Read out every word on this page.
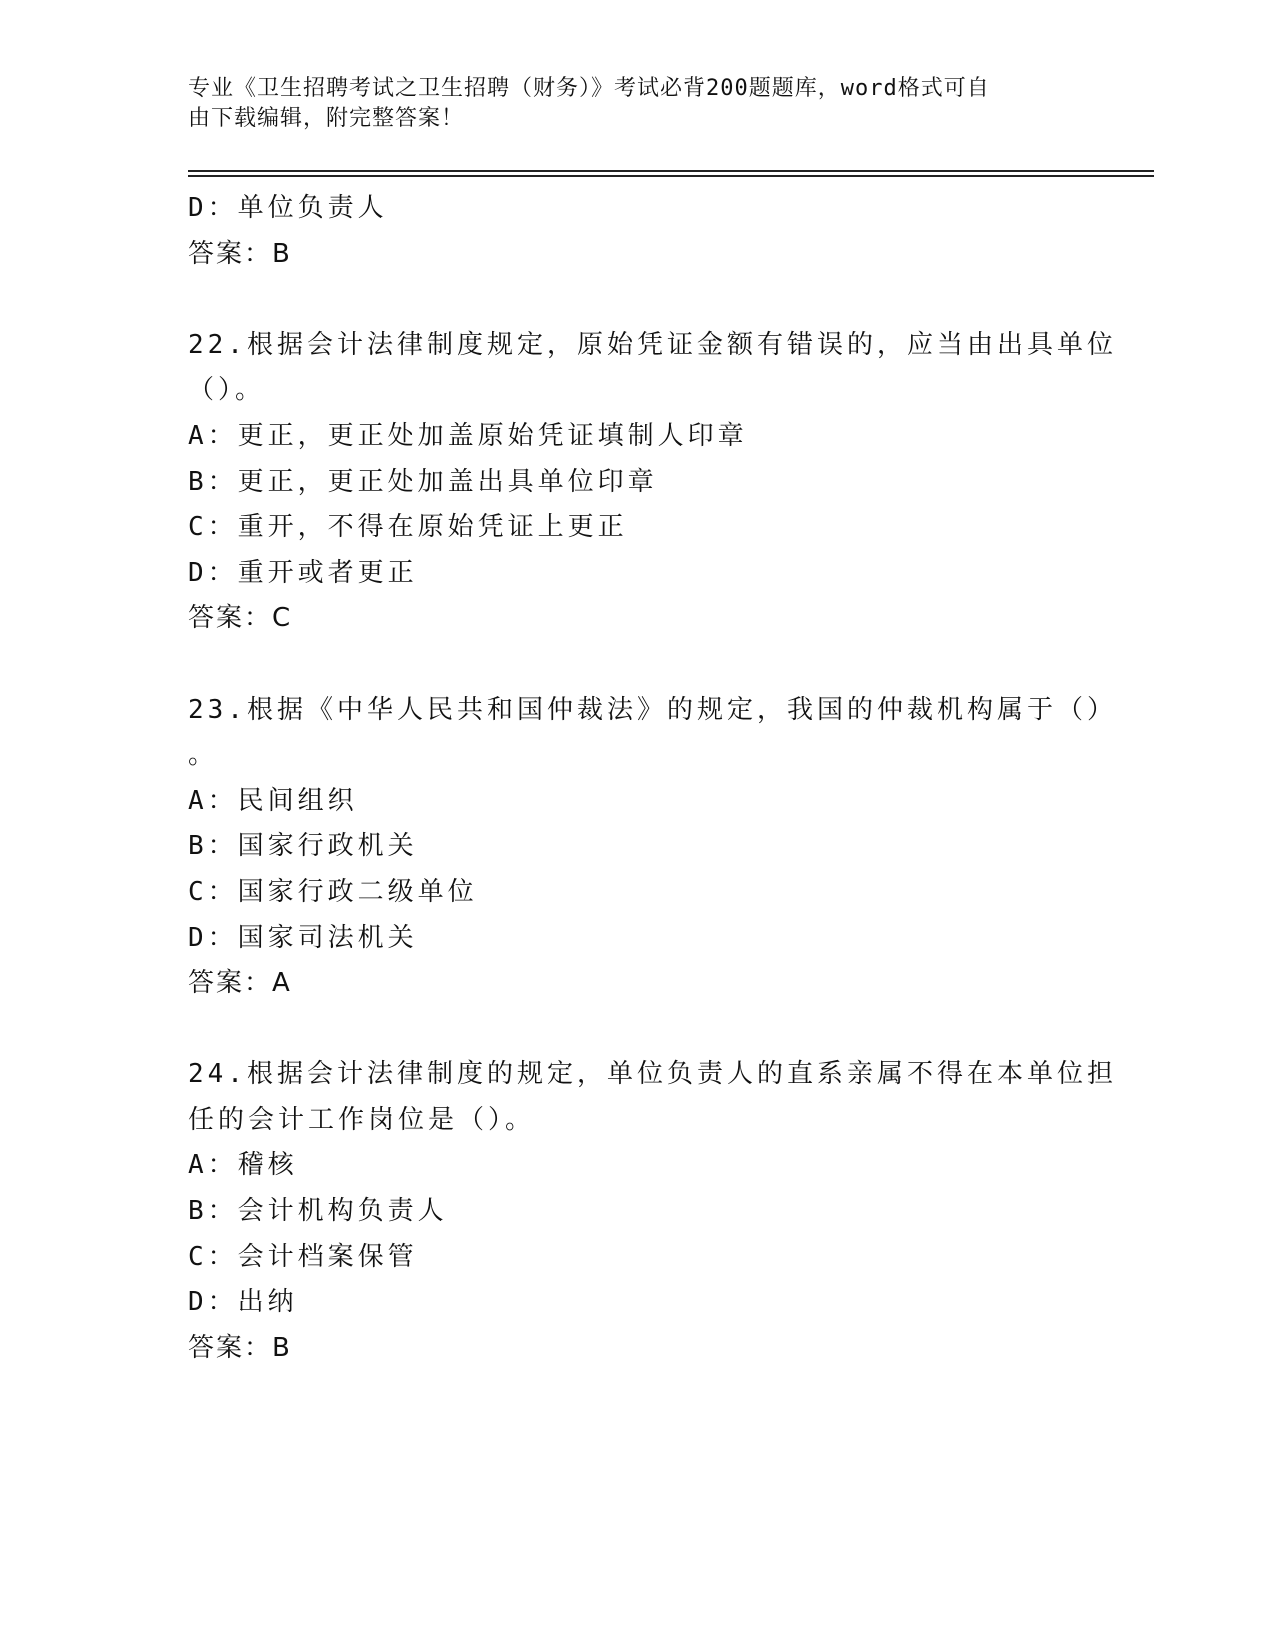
专业《卫生招聘考试之卫生招聘（财务）》考试必背200题题库，word格式可自
由下载编辑，附完整答案！
D：单位负责人
答案：B
22.根据会计法律制度规定，原始凭证金额有错误的，应当由出具单位
（）。
A：更正，更正处加盖原始凭证填制人印章
B：更正，更正处加盖出具单位印章
C：重开，不得在原始凭证上更正
D：重开或者更正
答案：C
23.根据《中华人民共和国仲裁法》的规定，我国的仲裁机构属于（）
。
A：民间组织
B：国家行政机关
C：国家行政二级单位
D：国家司法机关
答案：A
24.根据会计法律制度的规定，单位负责人的直系亲属不得在本单位担
任的会计工作岗位是（）。
A：稽核
B：会计机构负责人
C：会计档案保管
D：出纳
答案：B
